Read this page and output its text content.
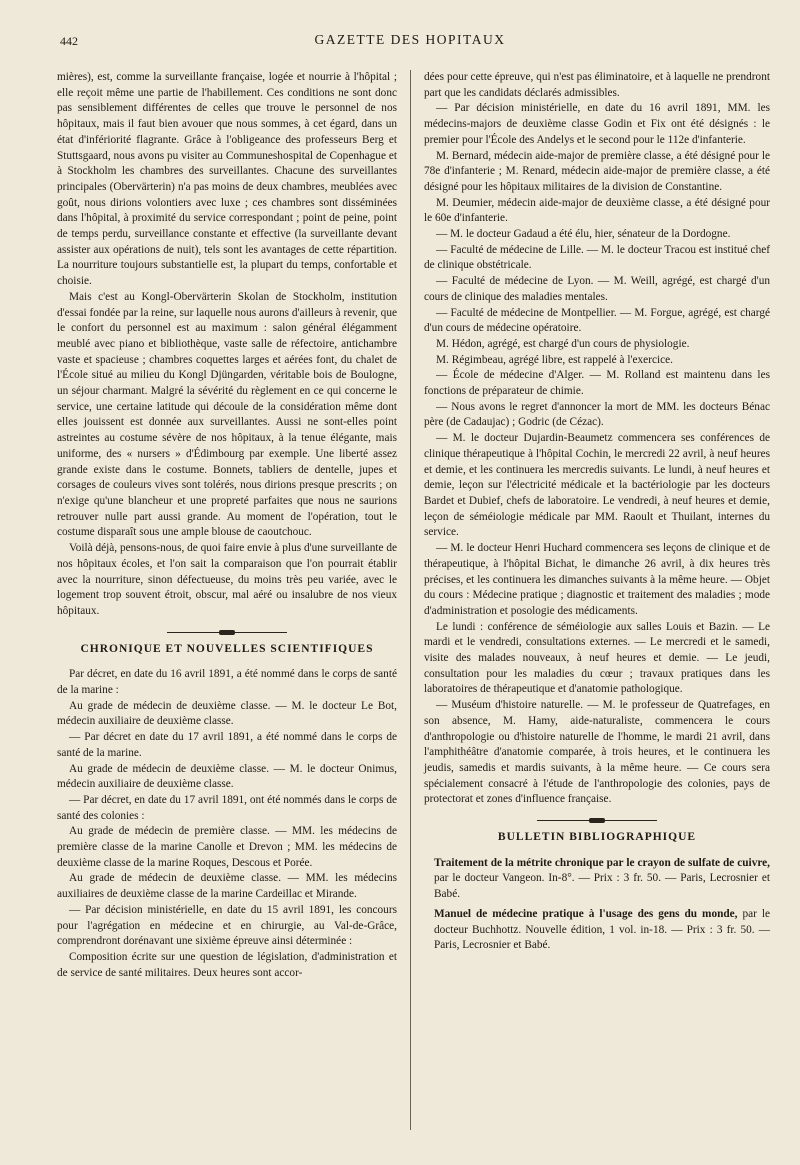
442	GAZETTE DES HOPITAUX

mières), est, comme la surveillante française, logée et nourrie à l'hôpital ; elle reçoit même une partie de l'habillement. Ces conditions ne sont donc pas sensiblement différentes de celles que trouve le personnel de nos hôpitaux, mais il faut bien avouer que nous sommes, à cet égard, dans un état d'infériorité flagrante. Grâce à l'obligeance des professeurs Berg et Stuttsgaard, nous avons pu visiter au Communeshospital de Copenhague et à Stockholm les chambres des surveillantes. Chacune des surveillantes principales (Obervärterin) n'a pas moins de deux chambres, meublées avec goût, nous dirions volontiers avec luxe ; ces chambres sont disséminées dans l'hôpital, à proximité du service correspondant ; point de peine, point de temps perdu, surveillance constante et effective (la surveillante devant assister aux opérations de nuit), tels sont les avantages de cette répartition. La nourriture toujours substantielle est, la plupart du temps, confortable et choisie.

Mais c'est au Kongl-Obervärterin Skolan de Stockholm, institution d'essai fondée par la reine, sur laquelle nous aurons d'ailleurs à revenir, que le confort du personnel est au maximum : salon général élégamment meublé avec piano et bibliothèque, vaste salle de réfectoire, antichambre vaste et spacieuse ; chambres coquettes larges et aérées font, du chalet de l'École situé au milieu du Kongl Djüngarden, véritable bois de Boulogne, un séjour charmant. Malgré la sévérité du règlement en ce qui concerne le service, une certaine latitude qui découle de la considération même dont elles jouissent est donnée aux surveillantes. Aussi ne sont-elles point astreintes au costume sévère de nos hôpitaux, à la tenue élégante, mais uniforme, des « nursers » d'Édimbourg par exemple. Une liberté assez grande existe dans le costume. Bonnets, tabliers de dentelle, jupes et corsages de couleurs vives sont tolérés, nous dirions presque prescrits ; on n'exige qu'une blancheur et une propreté parfaites que nous ne saurions retrouver nulle part aussi grande. Au moment de l'opération, tout le costume disparaît sous une ample blouse de caoutchouc.

Voilà déjà, pensons-nous, de quoi faire envie à plus d'une surveillante de nos hôpitaux écoles, et l'on sait la comparaison que l'on pourrait établir avec la nourriture, sinon défectueuse, du moins très peu variée, avec le logement trop souvent étroit, obscur, mal aéré ou insalubre de nos vieux hôpitaux.

CHRONIQUE ET NOUVELLES SCIENTIFIQUES

Par décret, en date du 16 avril 1891, a été nommé dans le corps de santé de la marine :

Au grade de médecin de deuxième classe. — M. le docteur Le Bot, médecin auxiliaire de deuxième classe.

— Par décret en date du 17 avril 1891, a été nommé dans le corps de santé de la marine.

Au grade de médecin de deuxième classe. — M. le docteur Onimus, médecin auxiliaire de deuxième classe.

— Par décret, en date du 17 avril 1891, ont été nommés dans le corps de santé des colonies :

Au grade de médecin de première classe. — MM. les médecins de première classe de la marine Canolle et Drevon ; MM. les médecins de deuxième classe de la marine Roques, Descous et Porée.

Au grade de médecin de deuxième classe. — MM. les médecins auxiliaires de deuxième classe de la marine Cardeillac et Mirande.

— Par décision ministérielle, en date du 15 avril 1891, les concours pour l'agrégation en médecine et en chirurgie, au Val-de-Grâce, comprendront dorénavant une sixième épreuve ainsi déterminée :

Composition écrite sur une question de législation, d'administration et de service de santé militaires. Deux heures sont accor-

dées pour cette épreuve, qui n'est pas éliminatoire, et à laquelle ne prendront part que les candidats déclarés admissibles.

— Par décision ministérielle, en date du 16 avril 1891, MM. les médecins-majors de deuxième classe Godin et Fix ont été désignés : le premier pour l'École des Andelys et le second pour le 112e d'infanterie.

M. Bernard, médecin aide-major de première classe, a été désigné pour le 78e d'infanterie ; M. Renard, médecin aide-major de première classe, a été désigné pour les hôpitaux militaires de la division de Constantine.

M. Deumier, médecin aide-major de deuxième classe, a été désigné pour le 60e d'infanterie.

— M. le docteur Gadaud a été élu, hier, sénateur de la Dordogne.

— Faculté de médecine de Lille. — M. le docteur Tracou est institué chef de clinique obstétricale.

— Faculté de médecine de Lyon. — M. Weill, agrégé, est chargé d'un cours de clinique des maladies mentales.

— Faculté de médecine de Montpellier. — M. Forgue, agrégé, est chargé d'un cours de médecine opératoire.

M. Hédon, agrégé, est chargé d'un cours de physiologie.

M. Régimbeau, agrégé libre, est rappelé à l'exercice.

— École de médecine d'Alger. — M. Rolland est maintenu dans les fonctions de préparateur de chimie.

— Nous avons le regret d'annoncer la mort de MM. les docteurs Bénac père (de Cadaujac) ; Godric (de Cézac).

— M. le docteur Dujardin-Beaumetz commencera ses conférences de clinique thérapeutique à l'hôpital Cochin, le mercredi 22 avril, à neuf heures et demie, et les continuera les mercredis suivants. Le lundi, à neuf heures et demie, leçon sur l'électricité médicale et la bactériologie par les docteurs Bardet et Dubief, chefs de laboratoire. Le vendredi, à neuf heures et demie, leçon de séméiologie médicale par MM. Raoult et Thuilant, internes du service.

— M. le docteur Henri Huchard commencera ses leçons de clinique et de thérapeutique, à l'hôpital Bichat, le dimanche 26 avril, à dix heures très précises, et les continuera les dimanches suivants à la même heure. — Objet du cours : Médecine pratique ; diagnostic et traitement des maladies ; mode d'administration et posologie des médicaments.

Le lundi : conférence de séméiologie aux salles Louis et Bazin. — Le mardi et le vendredi, consultations externes. — Le mercredi et le samedi, visite des malades nouveaux, à neuf heures et demie. — Le jeudi, consultation pour les maladies du cœur ; travaux pratiques dans les laboratoires de thérapeutique et d'anatomie pathologique.

— Muséum d'histoire naturelle. — M. le professeur de Quatrefages, en son absence, M. Hamy, aide-naturaliste, commencera le cours d'anthropologie ou d'histoire naturelle de l'homme, le mardi 21 avril, dans l'amphithéâtre d'anatomie comparée, à trois heures, et le continuera les jeudis, samedis et mardis suivants, à la même heure. — Ce cours sera spécialement consacré à l'étude de l'anthropologie des colonies, pays de protectorat et zones d'influence française.

BULLETIN BIBLIOGRAPHIQUE

Traitement de la métrite chronique par le crayon de sulfate de cuivre, par le docteur Vangeon. In-8°. — Prix : 3 fr. 50. — Paris, Lecrosnier et Babé.

Manuel de médecine pratique à l'usage des gens du monde, par le docteur Buchhottz. Nouvelle édition, 1 vol. in-18. — Prix : 3 fr. 50. — Paris, Lecrosnier et Babé.
